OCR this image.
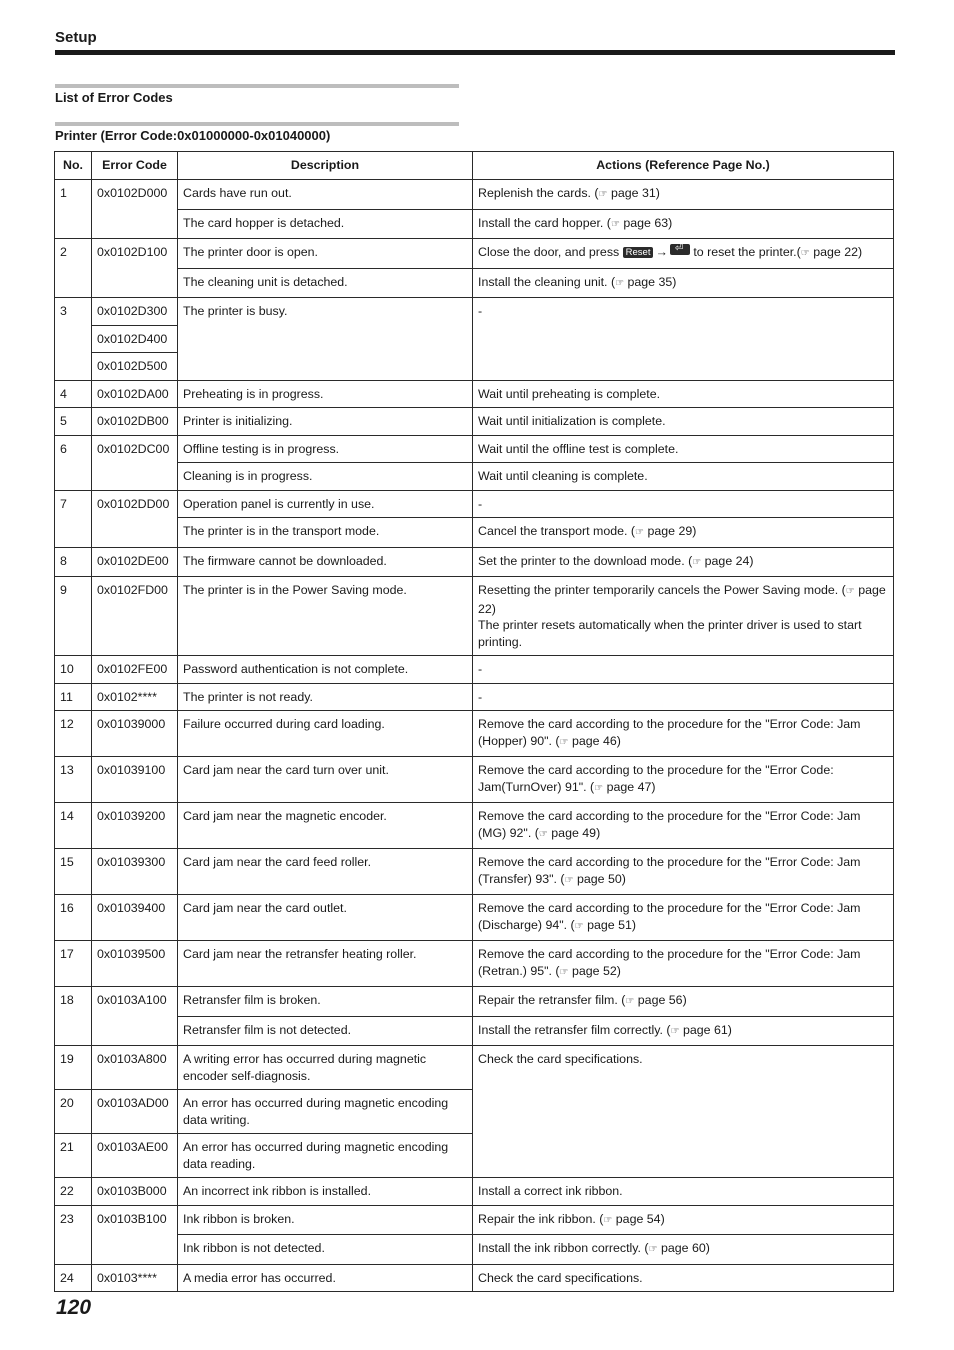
Setup
List of Error Codes
Printer (Error Code:0x01000000-0x01040000)
No.	Error Code	Description	Actions (Reference Page No.)
1	0x0102D000	Cards have run out.	Replenish the cards. (☞ page 31)
		The card hopper is detached.	Install the card hopper. (☞ page 63)
2	0x0102D100	The printer door is open.	Close the door, and press Reset →⏎ to reset the printer.(☞ page 22)
		The cleaning unit is detached.	Install the cleaning unit. (☞ page 35)
3	0x0102D300	The printer is busy.	-
	0x0102D400		
	0x0102D500		
4	0x0102DA00	Preheating is in progress.	Wait until preheating is complete.
5	0x0102DB00	Printer is initializing.	Wait until initialization is complete.
6	0x0102DC00	Offline testing is in progress.	Wait until the offline test is complete.
		Cleaning is in progress.	Wait until cleaning is complete.
7	0x0102DD00	Operation panel is currently in use.	-
		The printer is in the transport mode.	Cancel the transport mode. (☞ page 29)
8	0x0102DE00	The firmware cannot be downloaded.	Set the printer to the download mode. (☞ page 24)
9	0x0102FD00	The printer is in the Power Saving mode.	Resetting the printer temporarily cancels the Power Saving mode. (☞ page 22)
The printer resets automatically when the printer driver is used to start printing.
10	0x0102FE00	Password authentication is not complete.	-
11	0x0102****	The printer is not ready.	-
12	0x01039000	Failure occurred during card loading.	Remove the card according to the procedure for the "Error Code: Jam (Hopper) 90". (☞ page 46)
13	0x01039100	Card jam near the card turn over unit.	Remove the card according to the procedure for the "Error Code: Jam(TurnOver) 91". (☞ page 47)
14	0x01039200	Card jam near the magnetic encoder.	Remove the card according to the procedure for the "Error Code: Jam (MG) 92". (☞ page 49)
15	0x01039300	Card jam near the card feed roller.	Remove the card according to the procedure for the "Error Code: Jam (Transfer) 93". (☞ page 50)
16	0x01039400	Card jam near the card outlet.	Remove the card according to the procedure for the "Error Code: Jam (Discharge) 94". (☞ page 51)
17	0x01039500	Card jam near the retransfer heating roller.	Remove the card according to the procedure for the "Error Code: Jam (Retran.) 95". (☞ page 52)
18	0x0103A100	Retransfer film is broken.	Repair the retransfer film. (☞ page 56)
		Retransfer film is not detected.	Install the retransfer film correctly. (☞ page 61)
19	0x0103A800	A writing error has occurred during magnetic encoder self-diagnosis.	Check the card specifications.
20	0x0103AD00	An error has occurred during magnetic encoding data writing.	
21	0x0103AE00	An error has occurred during magnetic encoding data reading.	
22	0x0103B000	An incorrect ink ribbon is installed.	Install a correct ink ribbon.
23	0x0103B100	Ink ribbon is broken.	Repair the ink ribbon. (☞ page 54)
		Ink ribbon is not detected.	Install the ink ribbon correctly. (☞ page 60)
24	0x0103****	A media error has occurred.	Check the card specifications.
120
